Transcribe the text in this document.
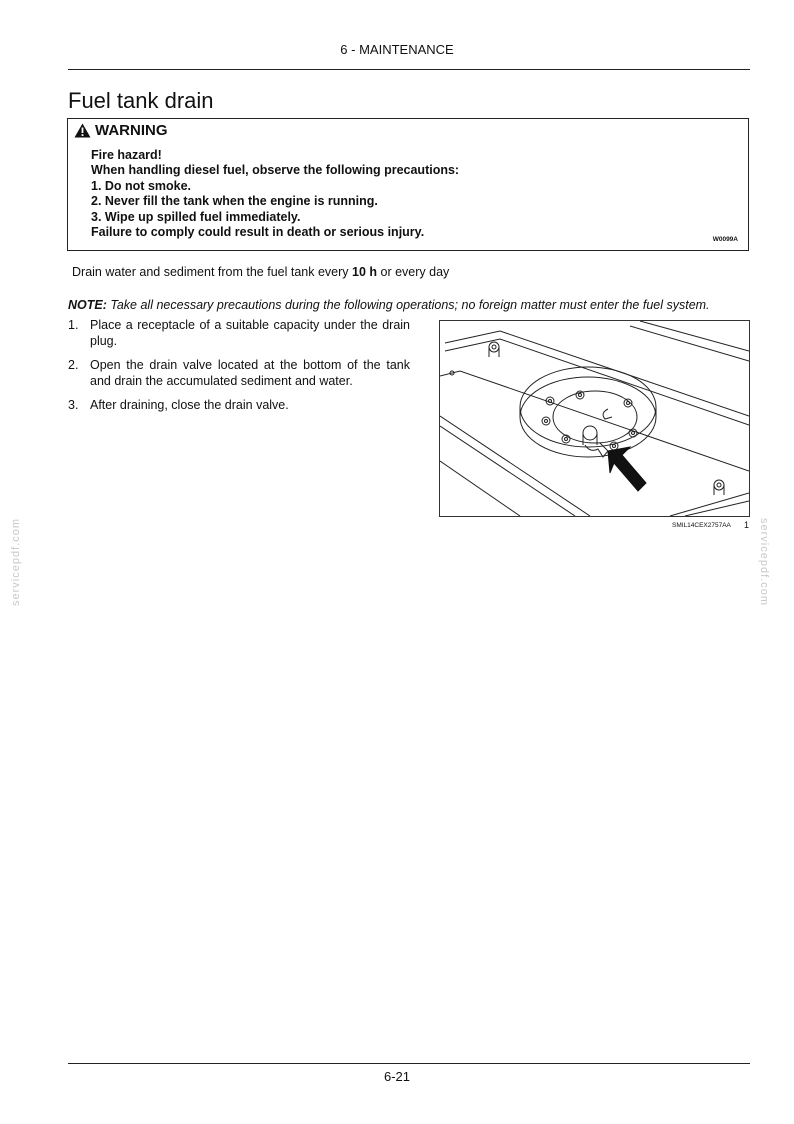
6 - MAINTENANCE
Fuel tank drain
WARNING
Fire hazard!
When handling diesel fuel, observe the following precautions:
1. Do not smoke.
2. Never fill the tank when the engine is running.
3. Wipe up spilled fuel immediately.
Failure to comply could result in death or serious injury.
W0099A
Drain water and sediment from the fuel tank every 10 h or every day
NOTE: Take all necessary precautions during the following operations; no foreign matter must enter the fuel system.
1. Place a receptacle of a suitable capacity under the drain plug.
2. Open the drain valve located at the bottom of the tank and drain the accumulated sediment and water.
3. After draining, close the drain valve.
SMIL14CEX2757AA 1
servicepdf.com	servicepdf.com
6-21
